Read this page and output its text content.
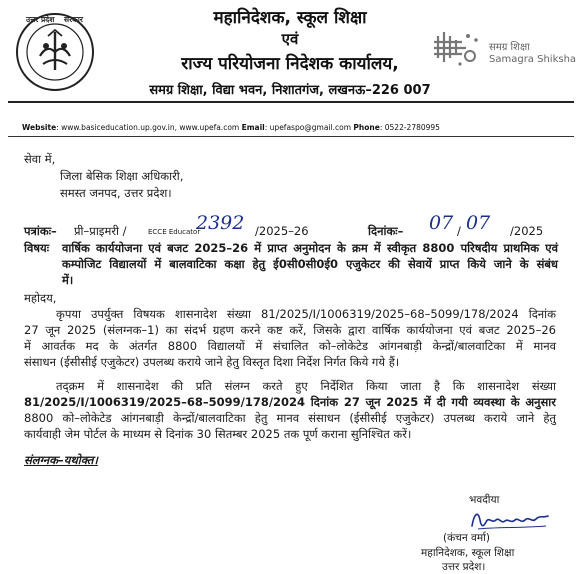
उत्तर प्रदेश सरकार	महानिदेशक, स्कूल शिक्षा
एवं
राज्य परियोजना निदेशक कार्यालय,
समग्र शिक्षा, विद्या भवन, निशातगंज, लखनऊ–226 007
समग्र शिक्षा
Samagra Shiksha
Website: www.basiceducation.up.gov.in, www.upefa.com Email: upefaspo@gmail.com Phone: 0522-2780995
सेवा में,
जिला बेसिक शिक्षा अधिकारी,
समस्त जनपद, उत्तर प्रदेश।
पत्रांकः– प्री–प्राइमरी /	ECCE Educator
2392 /2025–26	दिनांकः– 07 / 07 /2025
विषयः वार्षिक कार्ययोजना एवं बजट 2025–26 में प्राप्त अनुमोदन के क्रम में स्वीकृत 8800 परिषदीय प्राथमिक एवं
कम्पोजिट विद्यालयों में बालवाटिका कक्षा हेतु ई0सी0सी0ई0 एजुकेटर की सेवायें प्राप्त किये जाने के संबंध
में।
महोदय,
कृपया उपर्युक्त विषयक शासनादेश संख्या 81/2025/I/1006319/2025–68–5099/178/2024 दिनांक
27 जून 2025 (संलग्नक–1) का संदर्भ ग्रहण करने कष्ट करें, जिसके द्वारा वार्षिक कार्ययोजना एवं बजट 2025–26
में आवर्तक मद के अंतर्गत 8800 विद्यालयों में संचालित को–लोकेटेड आंगनबाड़ी केन्द्रों/बालवाटिका में मानव
संसाधन (ईसीसीई एजुकेटर) उपलब्ध कराये जाने हेतु विस्तृत दिशा निर्देश निर्गत किये गये हैं।
तद्क्रम में शासनादेश की प्रति संलग्न करते हुए निर्देशित किया जाता है कि शासनादेश संख्या
81/2025/I/1006319/2025–68–5099/178/2024 दिनांक 27 जून 2025 में दी गयी व्यवस्था के अनुसार
8800 को–लोकेटेड आंगनबाड़ी केन्द्रों/बालवाटिका हेतु मानव संसाधन (ईसीसीई एजुकेटर) उपलब्ध कराये जाने हेतु
कार्यवाही जेम पोर्टल के माध्यम से दिनांक 30 सितम्बर 2025 तक पूर्ण कराना सुनिश्चित करें।
संलग्नक–यथोक्त।
भवदीया
(कंचन वर्मा)
महानिदेशक, स्कूल शिक्षा
उत्तर प्रदेश।
